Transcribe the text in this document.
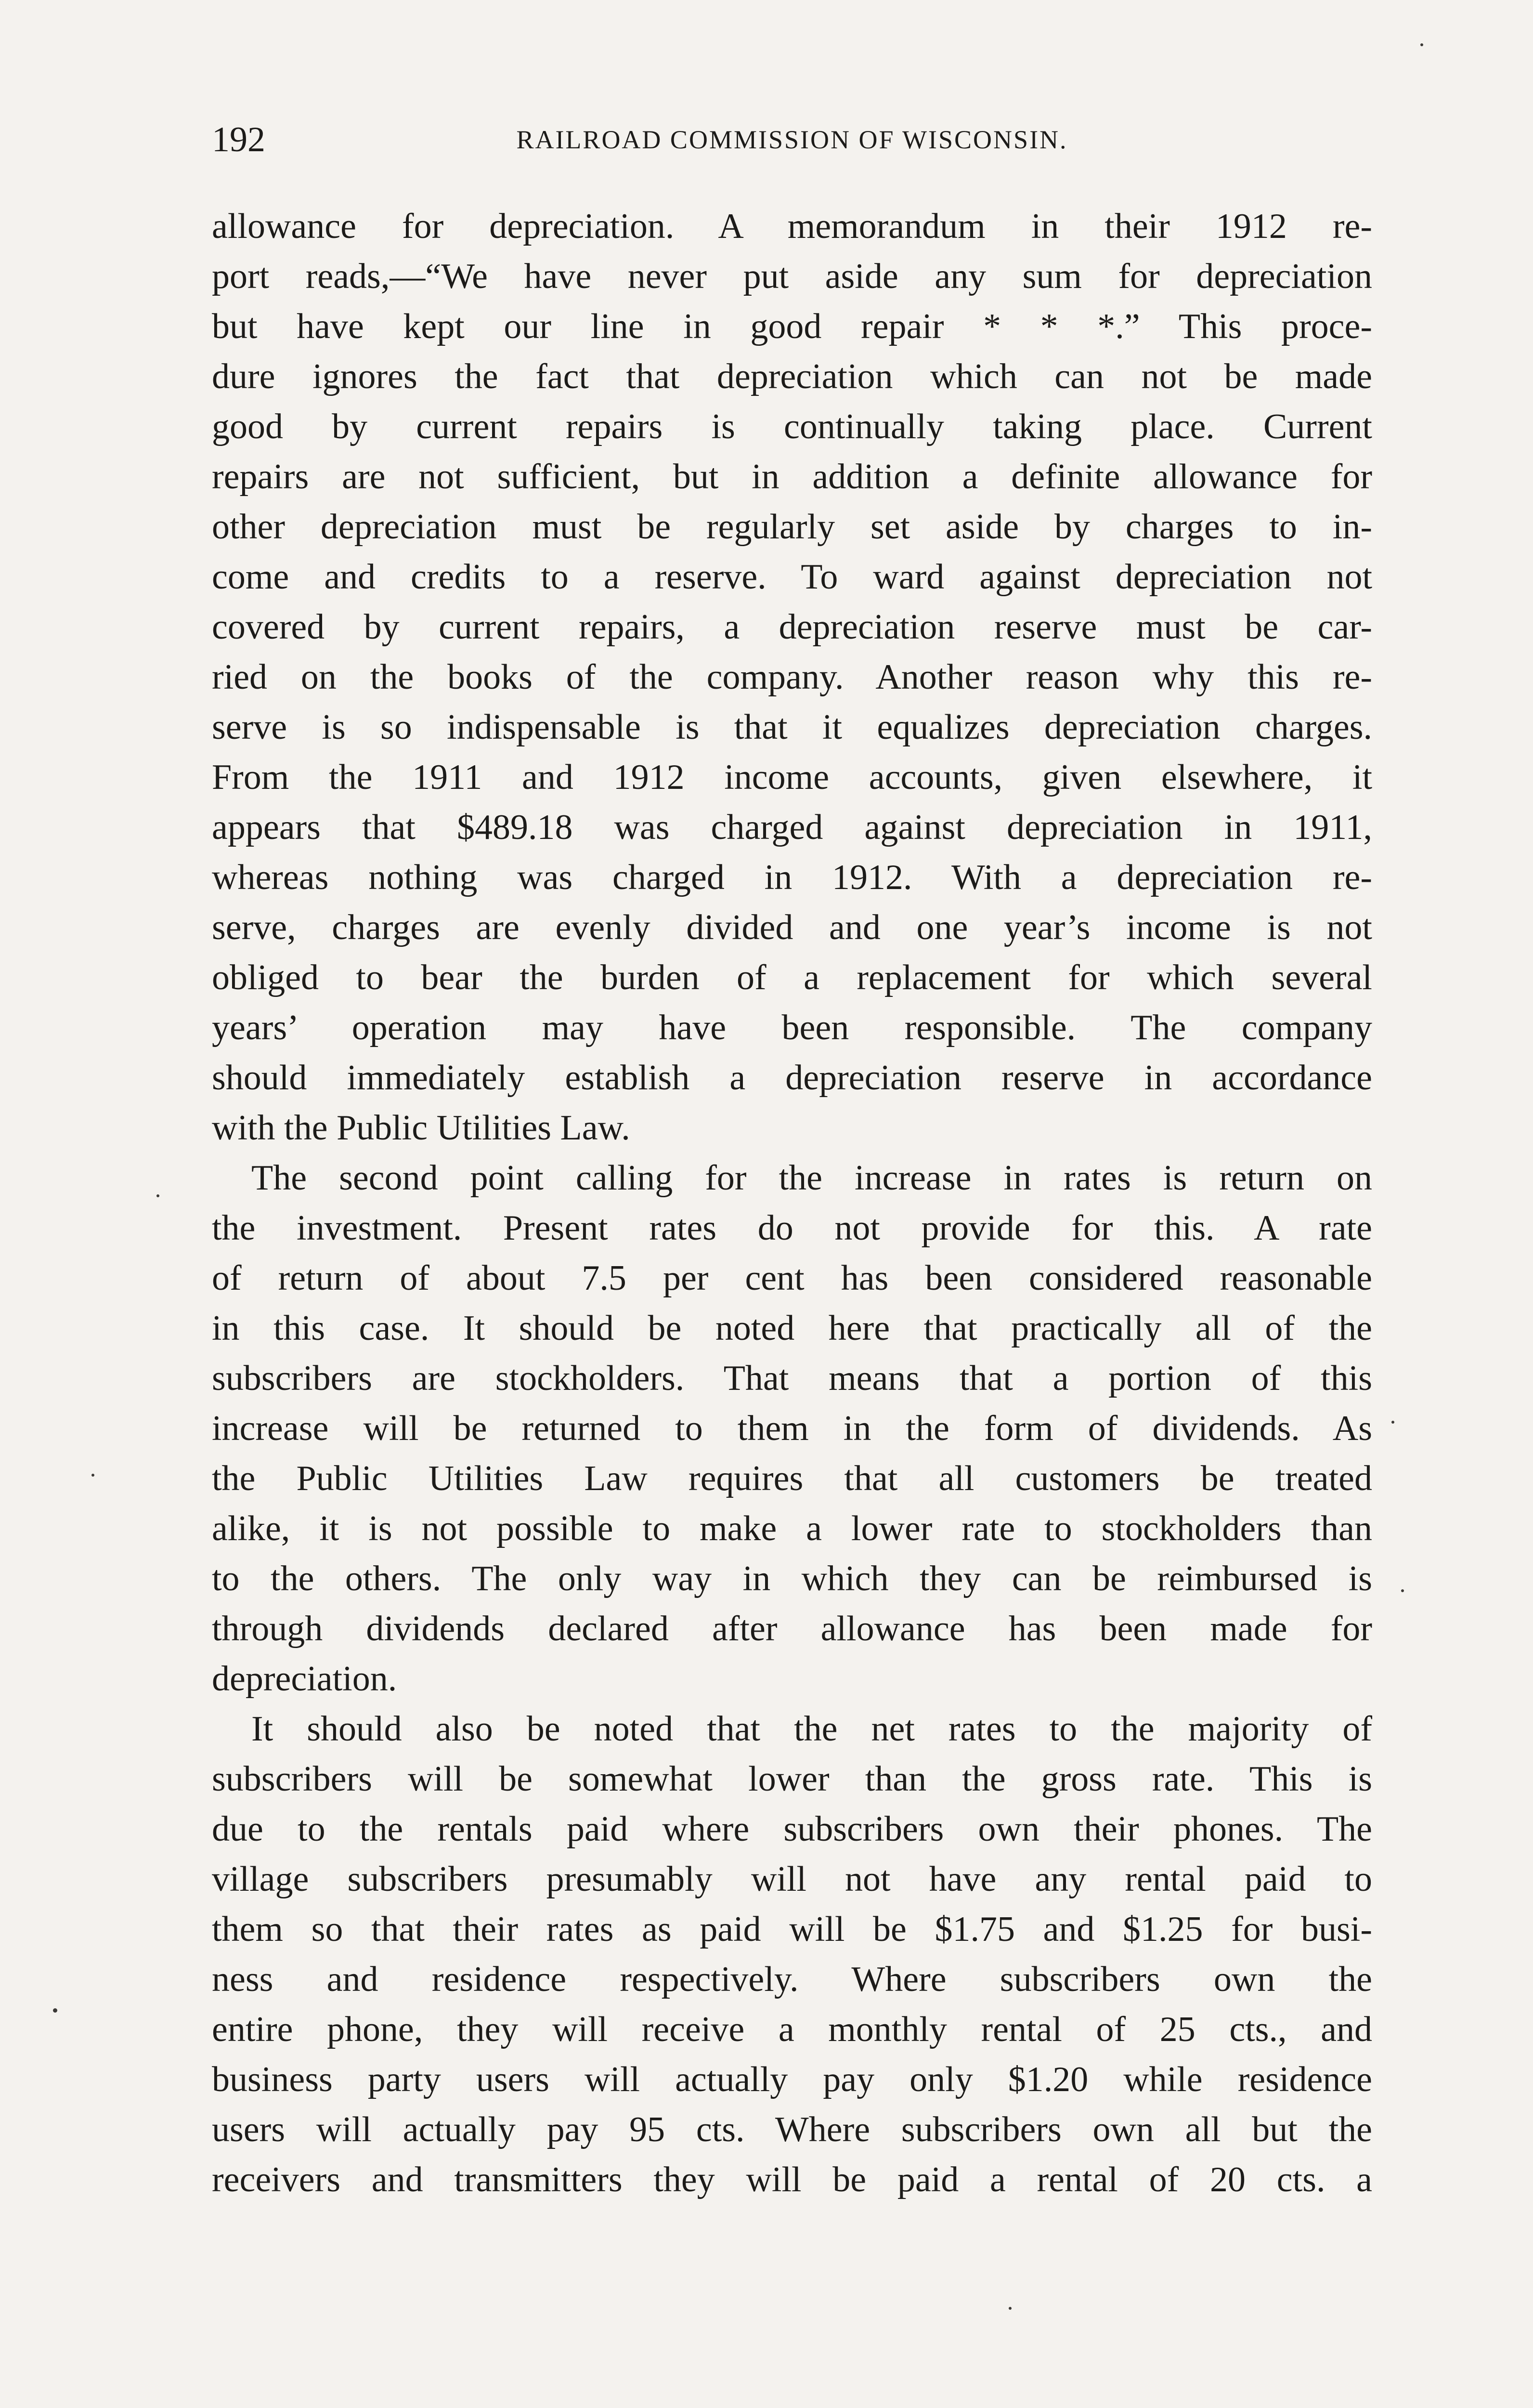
192	RAILROAD COMMISSION OF WISCONSIN.

allowance for depreciation. A memorandum in their 1912 re-
port reads,—“We have never put aside any sum for depreciation
but have kept our line in good repair * * *.” This proce-
dure ignores the fact that depreciation which can not be made
good by current repairs is continually taking place. Current
repairs are not sufficient, but in addition a definite allowance for
other depreciation must be regularly set aside by charges to in-
come and credits to a reserve. To ward against depreciation not
covered by current repairs, a depreciation reserve must be car-
ried on the books of the company. Another reason why this re-
serve is so indispensable is that it equalizes depreciation charges.
From the 1911 and 1912 income accounts, given elsewhere, it
appears that $489.18 was charged against depreciation in 1911,
whereas nothing was charged in 1912. With a depreciation re-
serve, charges are evenly divided and one year’s income is not
obliged to bear the burden of a replacement for which several
years’ operation may have been responsible. The company
should immediately establish a depreciation reserve in accordance
with the Public Utilities Law.

The second point calling for the increase in rates is return on
the investment. Present rates do not provide for this. A rate
of return of about 7.5 per cent has been considered reasonable
in this case. It should be noted here that practically all of the
subscribers are stockholders. That means that a portion of this
increase will be returned to them in the form of dividends. As
the Public Utilities Law requires that all customers be treated
alike, it is not possible to make a lower rate to stockholders than
to the others. The only way in which they can be reimbursed is
through dividends declared after allowance has been made for
depreciation.

It should also be noted that the net rates to the majority of
subscribers will be somewhat lower than the gross rate. This is
due to the rentals paid where subscribers own their phones. The
village subscribers presumably will not have any rental paid to
them so that their rates as paid will be $1.75 and $1.25 for busi-
ness and residence respectively. Where subscribers own the
entire phone, they will receive a monthly rental of 25 cts., and
business party users will actually pay only $1.20 while residence
users will actually pay 95 cts. Where subscribers own all but the
receivers and transmitters they will be paid a rental of 20 cts. a
